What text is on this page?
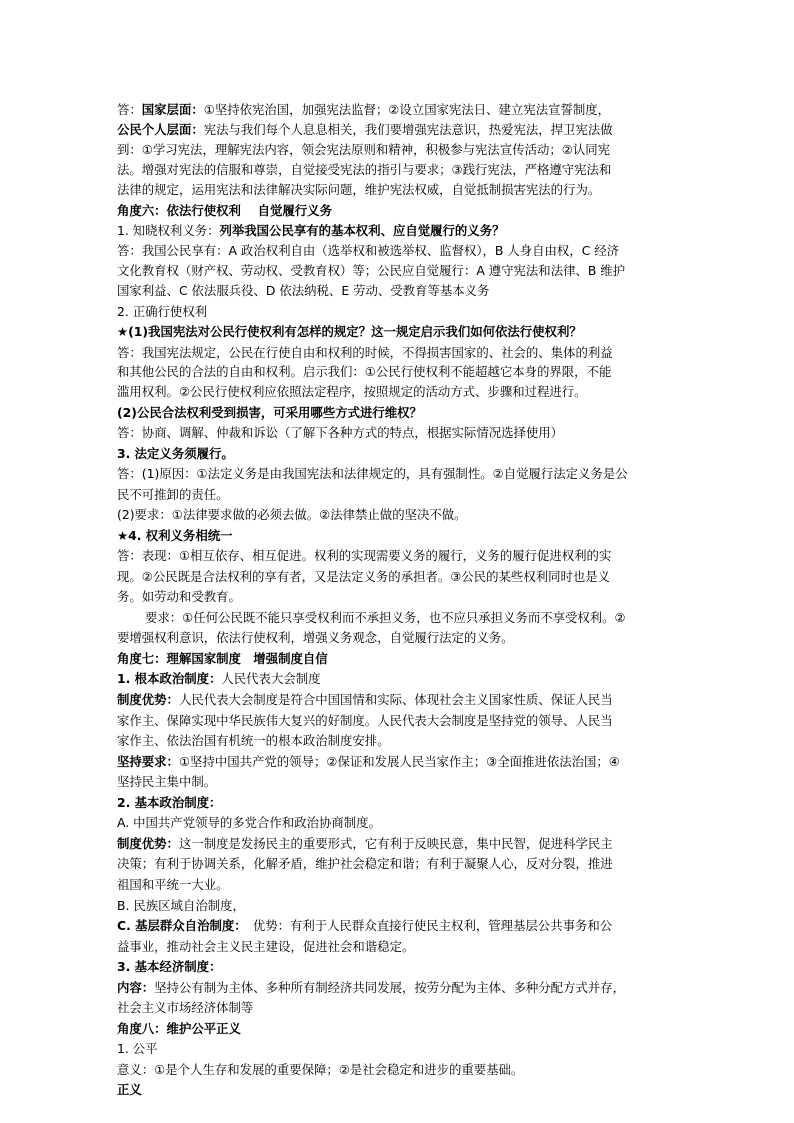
答：国家层面：①坚持依宪治国，加强宪法监督；②设立国家宪法日、建立宪法宣誓制度，
公民个人层面：宪法与我们每个人息息相关，我们要增强宪法意识，热爱宪法，捍卫宪法做
到：①学习宪法，理解宪法内容，领会宪法原则和精神，积极参与宪法宣传活动；②认同宪
法。增强对宪法的信服和尊崇，自觉接受宪法的指引与要求；③践行宪法，严格遵守宪法和
法律的规定，运用宪法和法律解决实际问题，维护宪法权威，自觉抵制损害宪法的行为。
角度六：依法行使权利　 自觉履行义务
1. 知晓权利义务：列举我国公民享有的基本权利、应自觉履行的义务？
答：我国公民享有：A 政治权利自由（选举权和被选举权、监督权），B 人身自由权，C 经济
文化教育权（财产权、劳动权、受教育权）等；公民应自觉履行：A 遵守宪法和法律、B 维护
国家利益、C 依法服兵役、D 依法纳税、E 劳动、受教育等基本义务
2. 正确行使权利
★(1)我国宪法对公民行使权利有怎样的规定？这一规定启示我们如何依法行使权利？
答：我国宪法规定，公民在行使自由和权利的时候，不得损害国家的、社会的、集体的利益
和其他公民的合法的自由和权利。启示我们：①公民行使权利不能超越它本身的界限，不能
滥用权利。②公民行使权利应依照法定程序，按照规定的活动方式、步骤和过程进行。
(2)公民合法权利受到损害，可采用哪些方式进行维权？
答：协商、调解、仲裁和诉讼（了解下各种方式的特点，根据实际情况选择使用）
3. 法定义务须履行。
答：(1)原因：①法定义务是由我国宪法和法律规定的，具有强制性。②自觉履行法定义务是公
民不可推卸的责任。
(2)要求：①法律要求做的必须去做。②法律禁止做的坚决不做。
★4. 权利义务相统一
答：表现：①相互依存、相互促进。权利的实现需要义务的履行，义务的履行促进权利的实
现。②公民既是合法权利的享有者，又是法定义务的承担者。③公民的某些权利同时也是义
务。如劳动和受教育。
要求：①任何公民既不能只享受权利而不承担义务，也不应只承担义务而不享受权利。②
要增强权利意识，依法行使权利，增强义务观念，自觉履行法定的义务。
角度七：理解国家制度　增强制度自信
1. 根本政治制度：人民代表大会制度
制度优势：人民代表大会制度是符合中国国情和实际、体现社会主义国家性质、保证人民当
家作主、保障实现中华民族伟大复兴的好制度。人民代表大会制度是坚持党的领导、人民当
家作主、依法治国有机统一的根本政治制度安排。
坚持要求：①坚持中国共产党的领导；②保证和发展人民当家作主；③全面推进依法治国；④
坚持民主集中制。
2. 基本政治制度：
A. 中国共产党领导的多党合作和政治协商制度。
制度优势：这一制度是发扬民主的重要形式，它有利于反映民意，集中民智，促进科学民主
决策；有利于协调关系，化解矛盾，维护社会稳定和谐；有利于凝聚人心，反对分裂，推进
祖国和平统一大业。
B. 民族区域自治制度，
C. 基层群众自治制度：　优势：有利于人民群众直接行使民主权利，管理基层公共事务和公
益事业，推动社会主义民主建设，促进社会和谐稳定。
3. 基本经济制度：
内容：坚持公有制为主体、多种所有制经济共同发展，按劳分配为主体、多种分配方式并存，
社会主义市场经济体制等
角度八：维护公平正义
1. 公平
意义：①是个人生存和发展的重要保障；②是社会稳定和进步的重要基础。
正义
